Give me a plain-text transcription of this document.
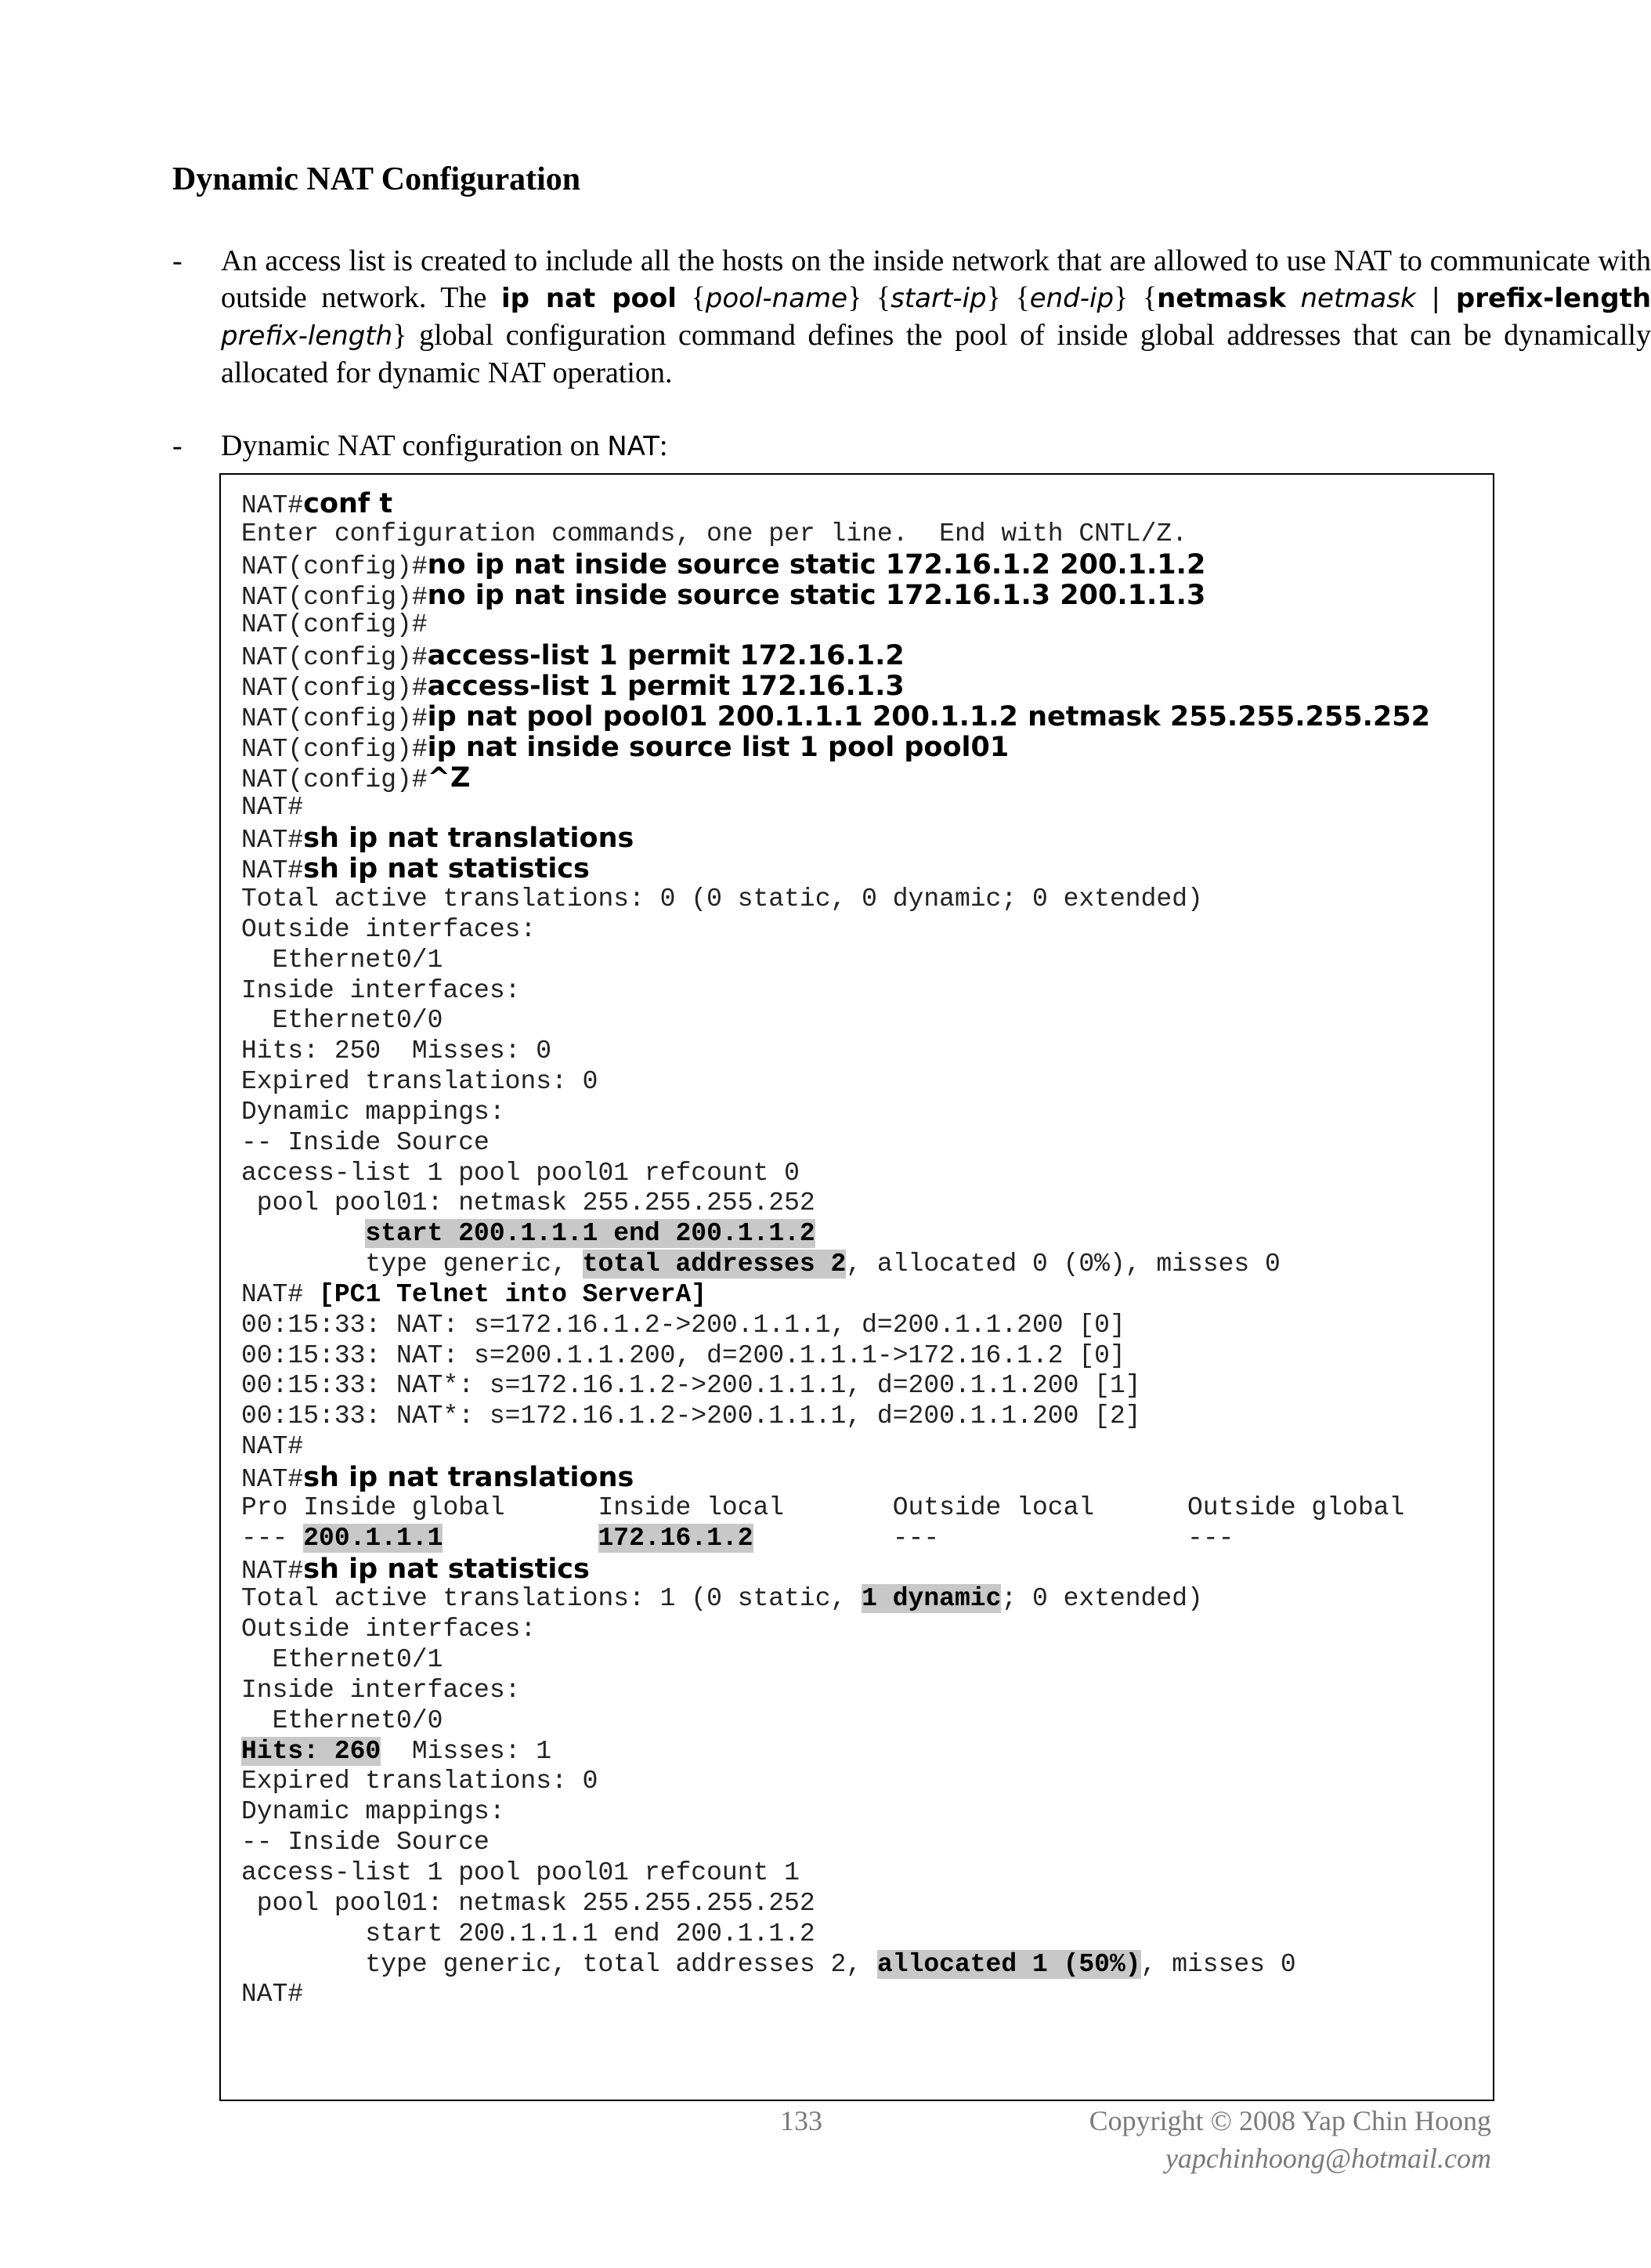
Dynamic NAT Configuration
- An access list is created to include all the hosts on the inside network that are allowed to use NAT to communicate with outside network. The ip nat pool {pool-name} {start-ip} {end-ip} {netmask netmask | prefix-length prefix-length} global configuration command defines the pool of inside global addresses that can be dynamically allocated for dynamic NAT operation.
- Dynamic NAT configuration on NAT:
NAT#conf t
Enter configuration commands, one per line.  End with CNTL/Z.
NAT(config)#no ip nat inside source static 172.16.1.2 200.1.1.2
NAT(config)#no ip nat inside source static 172.16.1.3 200.1.1.3
NAT(config)#
NAT(config)#access-list 1 permit 172.16.1.2
NAT(config)#access-list 1 permit 172.16.1.3
NAT(config)#ip nat pool pool01 200.1.1.1 200.1.1.2 netmask 255.255.255.252
NAT(config)#ip nat inside source list 1 pool pool01
NAT(config)#^Z
NAT#
NAT#sh ip nat translations
NAT#sh ip nat statistics
Total active translations: 0 (0 static, 0 dynamic; 0 extended)
Outside interfaces:
Ethernet0/1
Inside interfaces:
Ethernet0/0
Hits: 250  Misses: 0
Expired translations: 0
Dynamic mappings:
-- Inside Source
access-list 1 pool pool01 refcount 0
pool pool01: netmask 255.255.255.252
start 200.1.1.1 end 200.1.1.2
type generic, total addresses 2, allocated 0 (0%), misses 0
NAT# [PC1 Telnet into ServerA]
00:15:33: NAT: s=172.16.1.2->200.1.1.1, d=200.1.1.200 [0]
00:15:33: NAT: s=200.1.1.200, d=200.1.1.1->172.16.1.2 [0]
00:15:33: NAT*: s=172.16.1.2->200.1.1.1, d=200.1.1.200 [1]
00:15:33: NAT*: s=172.16.1.2->200.1.1.1, d=200.1.1.200 [2]
NAT#
NAT#sh ip nat translations
Pro Inside global      Inside local       Outside local      Outside global
--- 200.1.1.1	172.16.1.2         ---                ---
NAT#sh ip nat statistics
Total active translations: 1 (0 static, 1 dynamic; 0 extended)
Outside interfaces:
Ethernet0/1
Inside interfaces:
Ethernet0/0
Hits: 260  Misses: 1
Expired translations: 0
Dynamic mappings:
-- Inside Source
access-list 1 pool pool01 refcount 1
pool pool01: netmask 255.255.255.252
start 200.1.1.1 end 200.1.1.2
type generic, total addresses 2, allocated 1 (50%), misses 0
NAT#
133	Copyright © 2008 Yap Chin Hoong
yapchinhoong@hotmail.com
